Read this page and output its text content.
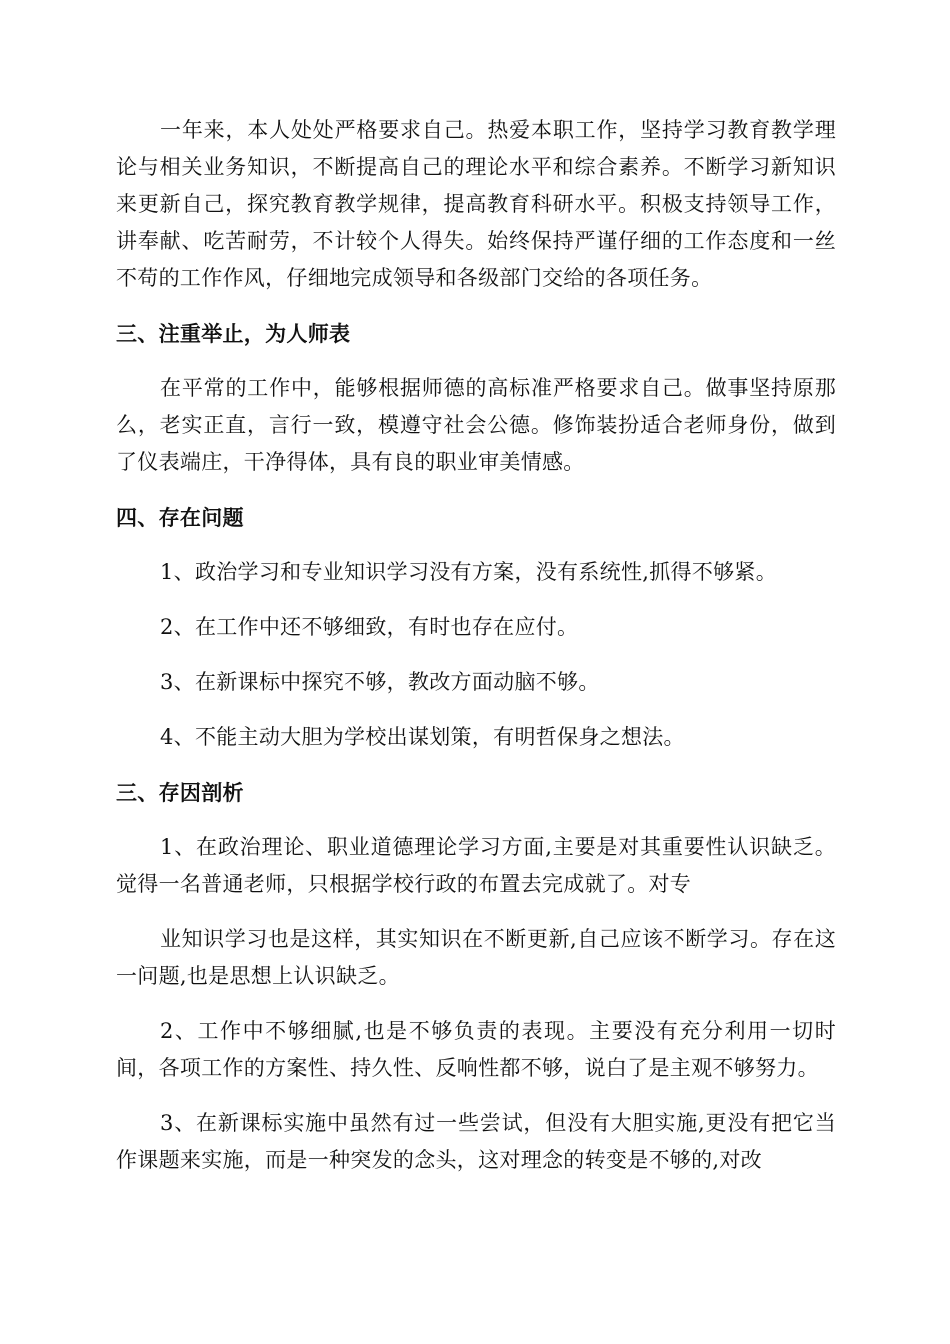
一年来，本人处处严格要求自己。热爱本职工作，坚持学习教育教学理论与相关业务知识，不断提高自己的理论水平和综合素养。不断学习新知识来更新自己，探究教育教学规律，提高教育科研水平。积极支持领导工作，讲奉献、吃苦耐劳，不计较个人得失。始终保持严谨仔细的工作态度和一丝不苟的工作作风，仔细地完成领导和各级部门交给的各项任务。

三、注重举止，为人师表

在平常的工作中，能够根据师德的高标准严格要求自己。做事坚持原那么，老实正直，言行一致，模遵守社会公德。修饰装扮适合老师身份，做到了仪表端庄，干净得体，具有良的职业审美情感。

四、存在问题

1、政治学习和专业知识学习没有方案，没有系统性,抓得不够紧。

2、在工作中还不够细致，有时也存在应付。

3、在新课标中探究不够，教改方面动脑不够。

4、不能主动大胆为学校出谋划策，有明哲保身之想法。

三、存因剖析

1、在政治理论、职业道德理论学习方面,主要是对其重要性认识缺乏。觉得一名普通老师，只根据学校行政的布置去完成就了。对专

业知识学习也是这样，其实知识在不断更新,自己应该不断学习。存在这一问题,也是思想上认识缺乏。

2、工作中不够细腻,也是不够负责的表现。主要没有充分利用一切时间，各项工作的方案性、持久性、反响性都不够，说白了是主观不够努力。

3、在新课标实施中虽然有过一些尝试，但没有大胆实施,更没有把它当作课题来实施，而是一种突发的念头，这对理念的转变是不够的,对改
